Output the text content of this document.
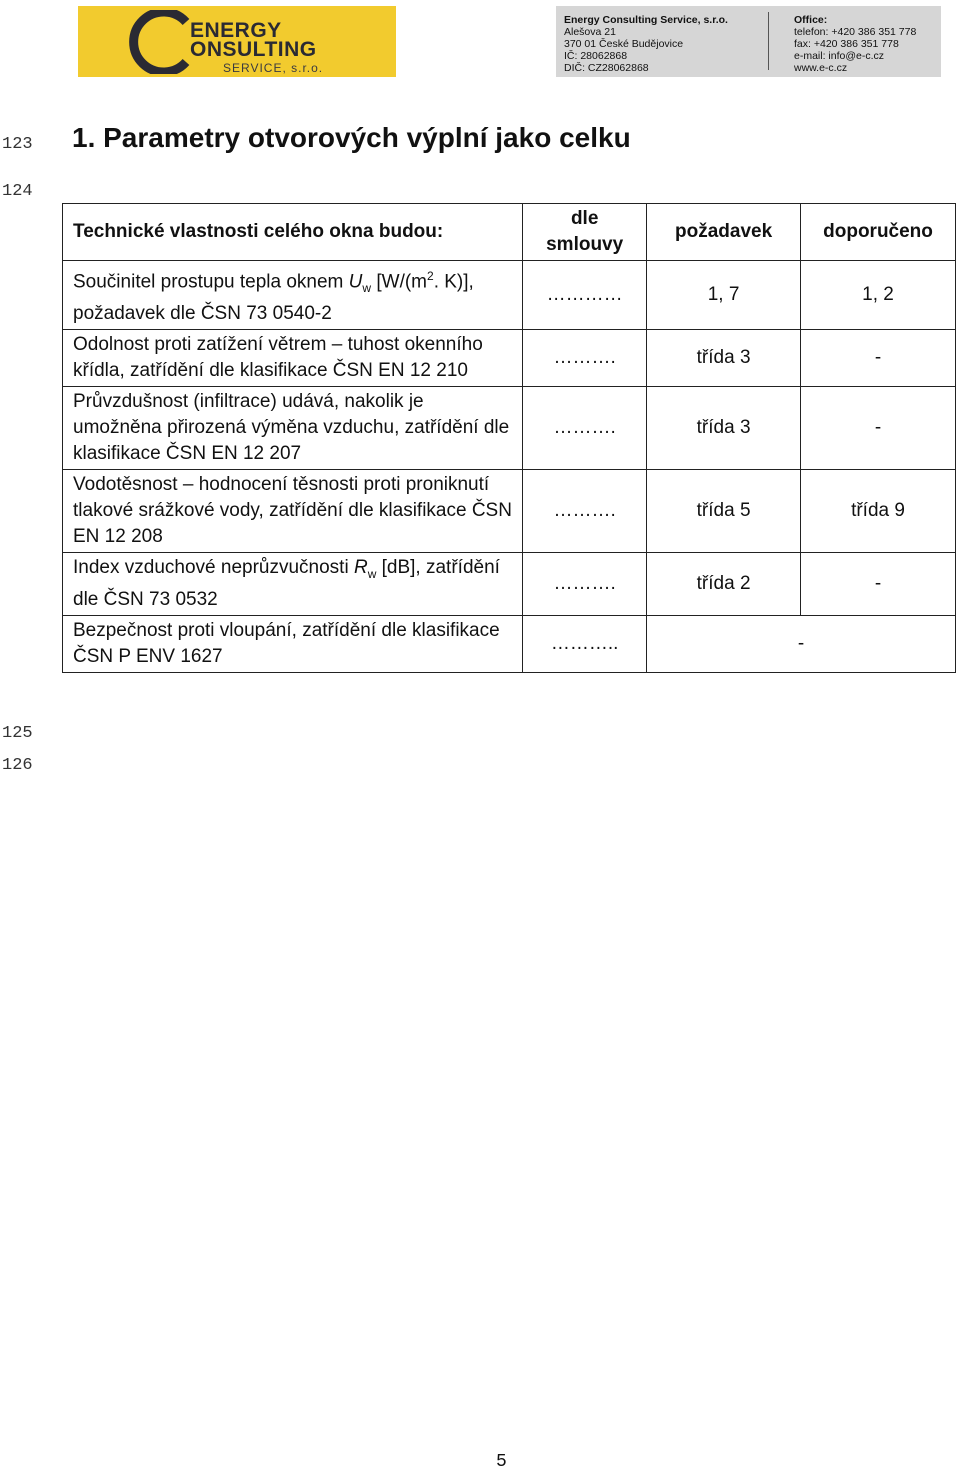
ENERGY
ONSULTING
SERVICE, s.r.o.
Energy Consulting Service, s.r.o.
Alešova 21
370 01 České Budějovice
IČ: 28062868
DIČ: CZ28062868
Office:
telefon: +420 386 351 778
fax: +420 386 351 778
e-mail: info@e-c.cz
www.e-c.cz
123
124
125
126
1. Parametry otvorových výplní jako celku
Technické vlastnosti celého okna budou:	dle smlouvy	požadavek	doporučeno
Součinitel prostupu tepla oknem $U_w$ [$W/(m^2$. K)], požadavek dle ČSN 73 0540-2	…………	1, 7	1, 2
Odolnost proti zatížení větrem – tuhost okenního křídla, zatřídění dle klasifikace ČSN EN 12 210	……….	třída 3	-
Průvzdušnost (infiltrace) udává, nakolik je umožněna přirozená výměna vzduchu, zatřídění dle klasifikace ČSN EN 12 207	……….	třída 3	-
Vodotěsnost – hodnocení těsnosti proti proniknutí tlakové srážkové vody, zatřídění dle klasifikace ČSN EN 12 208	……….	třída 5	třída 9
Index vzduchové neprůzvučnosti $R_w$ [dB], zatřídění dle ČSN 73 0532	……….	třída 2	-
Bezpečnost proti vloupání, zatřídění dle klasifikace ČSN P ENV 1627	………..	-	
5
